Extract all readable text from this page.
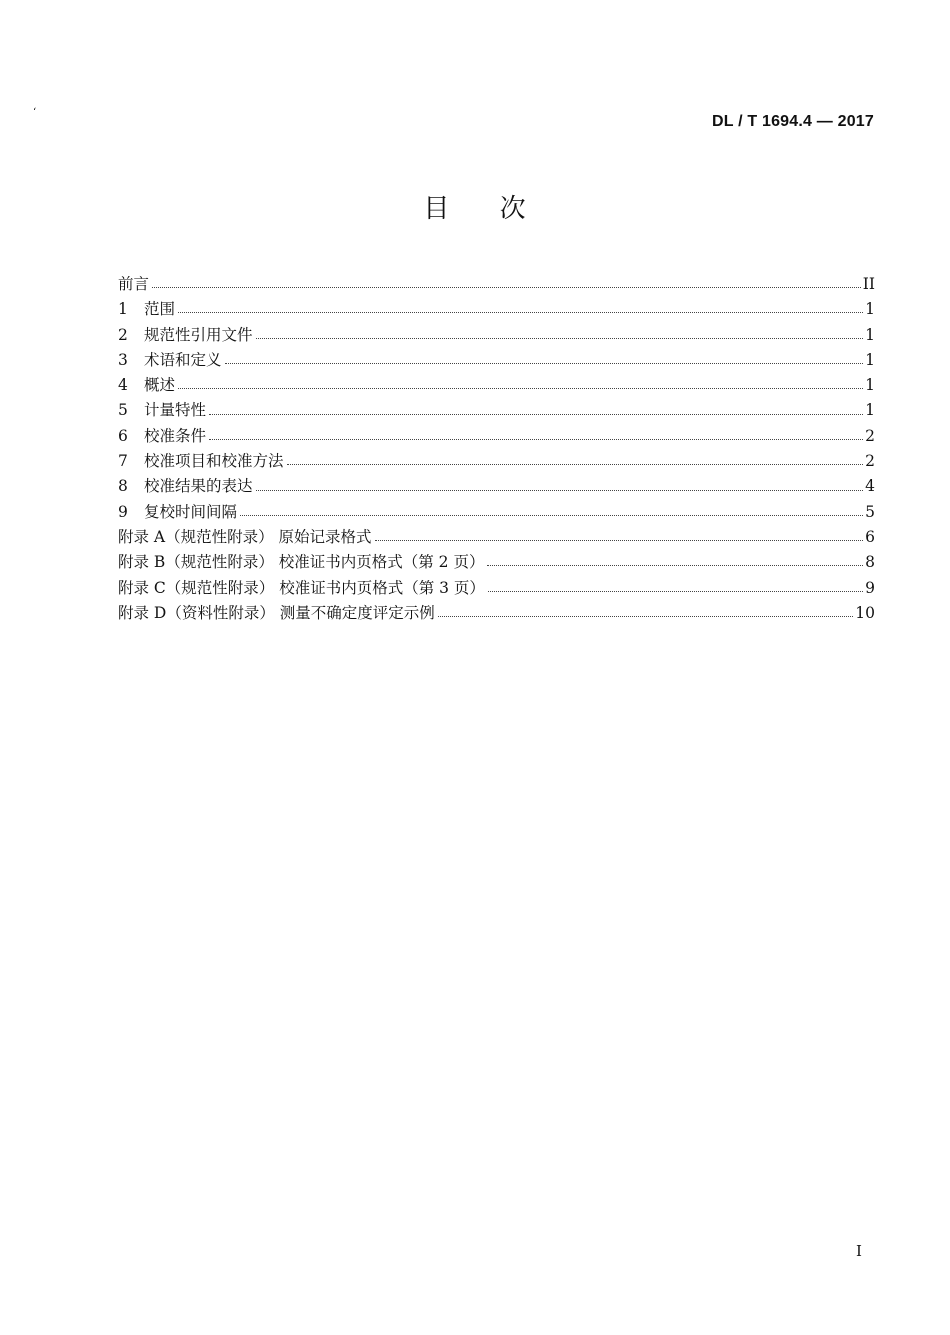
‘
DL / T 1694.4 — 2017
目 次
前言	II
1 范围	1
2 规范性引用文件	1
3 术语和定义	1
4 概述	1
5 计量特性	1
6 校准条件	2
7 校准项目和校准方法	2
8 校准结果的表达	4
9 复校时间间隔	5
附录 A（规范性附录） 原始记录格式	6
附录 B（规范性附录） 校准证书内页格式（第 2 页）	8
附录 C（规范性附录） 校准证书内页格式（第 3 页）	9
附录 D（资料性附录） 测量不确定度评定示例	10
I
